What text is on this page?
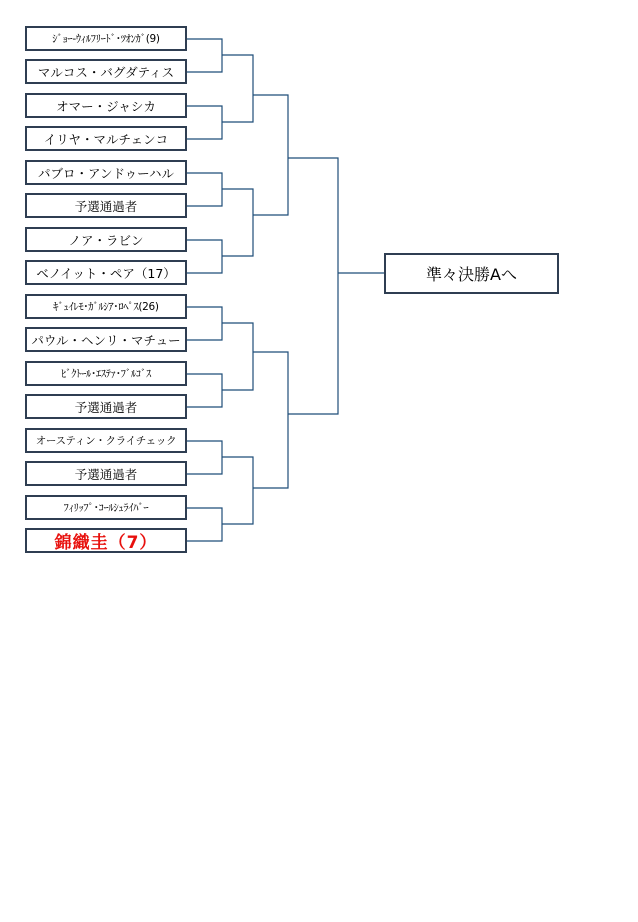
ｼﾞｮｰ-ｳｨﾙﾌﾘｰﾄﾞ･ﾂｵﾝｶﾞ(9)
マルコス・バグダティス
オマー・ジャシカ
イリヤ・マルチェンコ
パブロ・アンドゥーハル
予選通過者
ノア・ラビン
ベノイット・ペア（17）
ｷﾞｭｲﾚﾓ･ｶﾞﾙｼｱ･ﾛﾍﾟｽ(26)
パウル・ヘンリ・マチュー
ﾋﾞｸﾄｰﾙ･ｴｽﾃｧ･ﾌﾞﾙｺﾞｽ
予選通過者
オースティン・クライチェック
予選通過者
ﾌｨﾘｯﾌﾟ･ｺｰﾙｼｭﾗｲﾊﾞｰ
錦織圭（7）
準々決勝Aへ
